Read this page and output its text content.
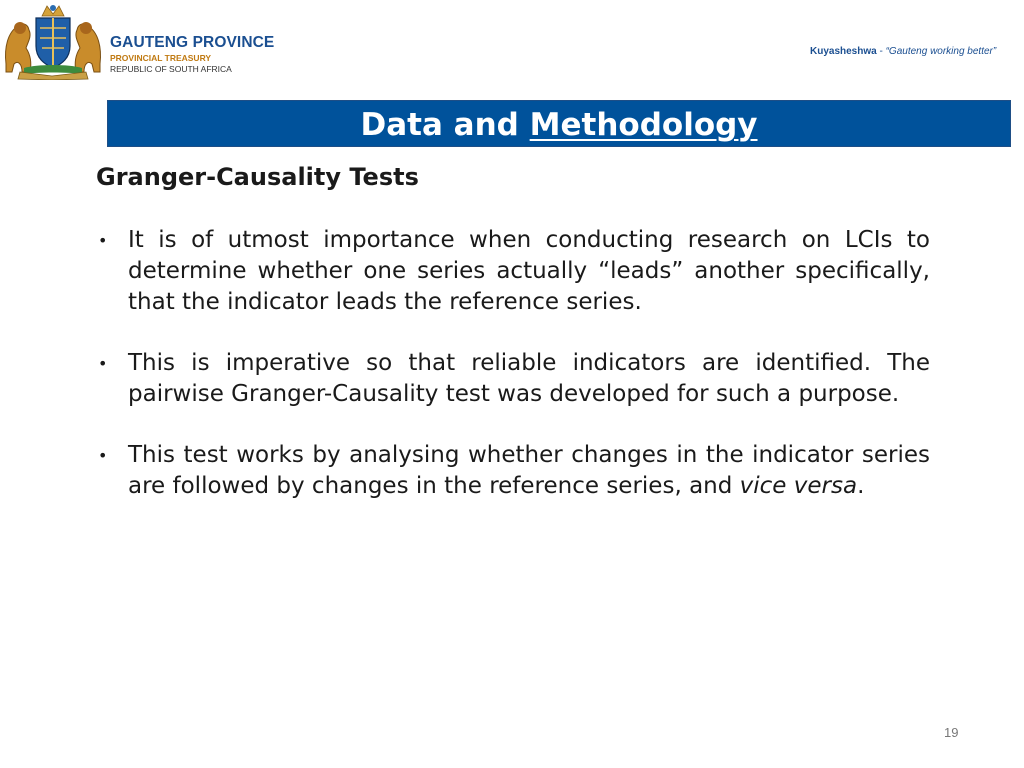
GAUTENG PROVINCE
PROVINCIAL TREASURY
REPUBLIC OF SOUTH AFRICA
Kuyasheshwa - “Gauteng working better”
Data and Methodology
Granger-Causality Tests
• It is of utmost importance when conducting research on LCIs to determine whether one series actually “leads” another specifically, that the indicator leads the reference series.
• This is imperative so that reliable indicators are identified. The pairwise Granger-Causality test was developed for such a purpose.
• This test works by analysing whether changes in the indicator series are followed by changes in the reference series, and vice versa.
19
